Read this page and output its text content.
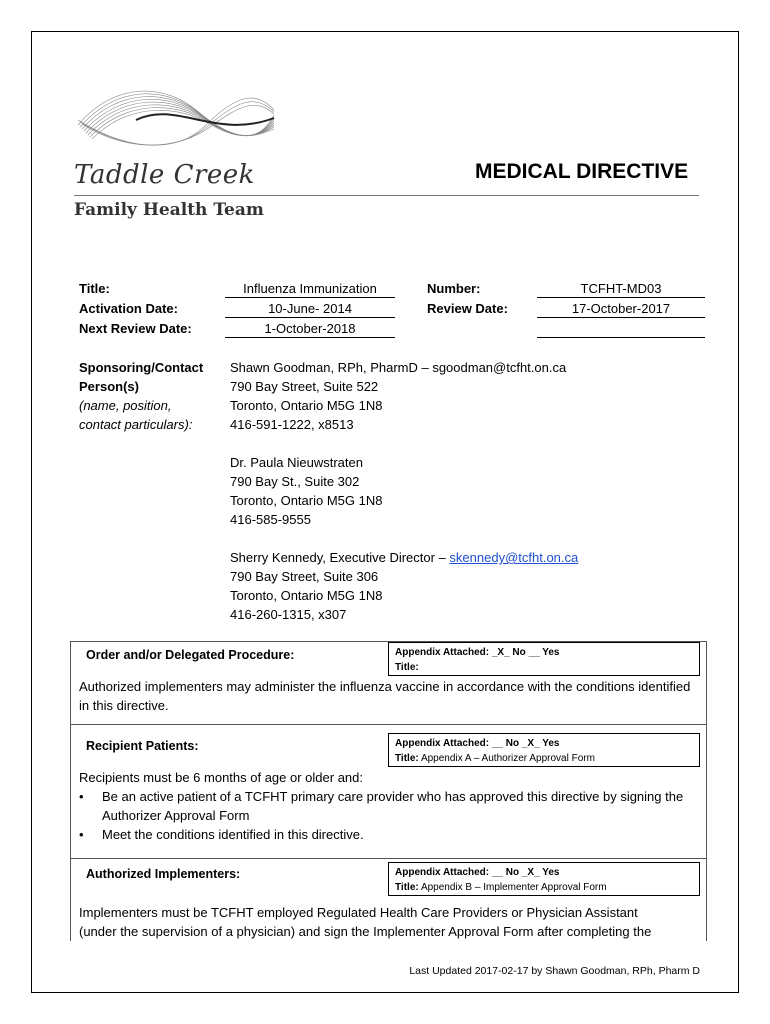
Taddle Creek
Family Health Team
MEDICAL DIRECTIVE
Title:	Influenza Immunization	Number:	TCFHT-MD03
Activation Date:	10-June- 2014	Review Date:	17-October-2017
Next Review Date:	1-October-2018
Sponsoring/Contact
Person(s)
(name, position,
contact particulars):
Shawn Goodman, RPh, PharmD – sgoodman@tcfht.on.ca
790 Bay Street, Suite 522
Toronto, Ontario M5G 1N8
416-591-1222, x8513
Dr. Paula Nieuwstraten
790 Bay St., Suite 302
Toronto, Ontario M5G 1N8
416-585-9555
Sherry Kennedy, Executive Director – skennedy@tcfht.on.ca
790 Bay Street, Suite 306
Toronto, Ontario M5G 1N8
416-260-1315, x307
Order and/or Delegated Procedure:	Appendix Attached: _X_ No __ Yes
Title:
Authorized implementers may administer the influenza vaccine in accordance with the conditions identified in this directive.
Recipient Patients:	Appendix Attached: __ No _X_ Yes
Title: Appendix A – Authorizer Approval Form
Recipients must be 6 months of age or older and:
• Be an active patient of a TCFHT primary care provider who has approved this directive by signing the Authorizer Approval Form
• Meet the conditions identified in this directive.
Authorized Implementers:	Appendix Attached: __ No _X_ Yes
Title: Appendix B – Implementer Approval Form
Implementers must be TCFHT employed Regulated Health Care Providers or Physician Assistant
(under the supervision of a physician) and sign the Implementer Approval Form after completing the
Last Updated 2017-02-17 by Shawn Goodman, RPh, Pharm D
